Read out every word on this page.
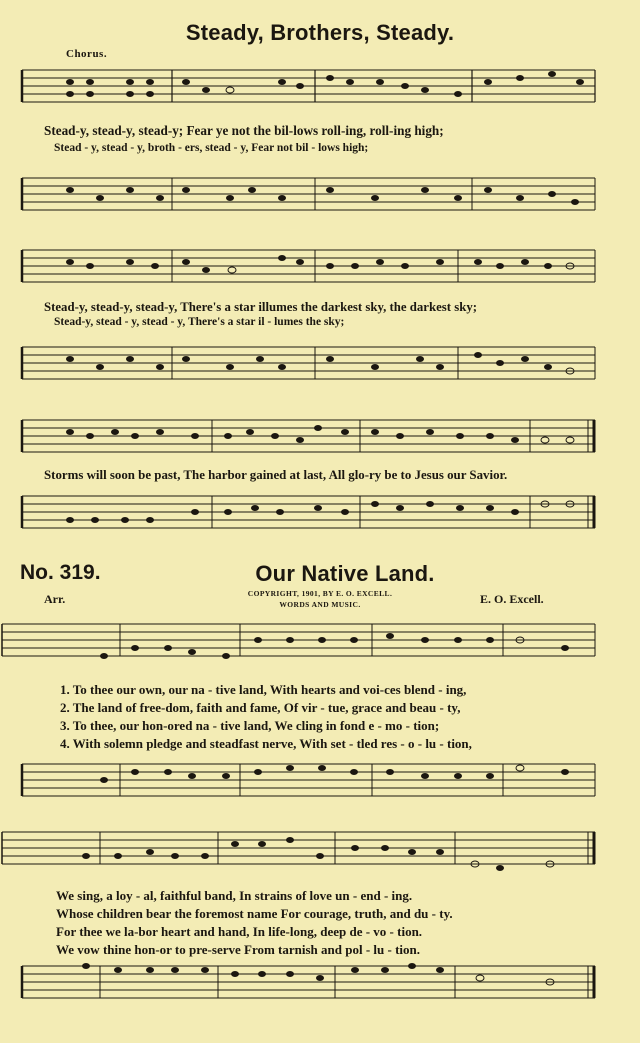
Steady, Brothers, Steady.
Chorus.
Stead-y, stead-y, stead-y; Fear ye not the bil-lows roll-ing, roll-ing high;
Stead - y, stead - y, broth - ers, stead - y, Fear not bil - lows high;
Stead-y, stead-y, stead-y, There's a star illumes the darkest sky, the darkest sky;
Stead-y, stead - y, stead - y, There's a star il - lumes the sky;
Storms will soon be past, The harbor gained at last, All glo-ry be to Jesus our Savior.
No. 319.	Our Native Land.
Arr.	COPYRIGHT, 1901, BY E. O. EXCELL.
WORDS AND MUSIC.	E. O. Excell.
1. To thee our own, our na - tive land, With hearts and voi-ces blend - ing,
2. The land of free-dom, faith and fame, Of vir - tue, grace and beau - ty,
3. To thee, our hon-ored na - tive land, We cling in fond e - mo - tion;
4. With solemn pledge and steadfast nerve, With set - tled res - o - lu - tion,
We sing, a loy - al, faithful band, In strains of love un - end - ing.
Whose children bear the foremost name For courage, truth, and du - ty.
For thee we la-bor heart and hand, In life-long, deep de - vo - tion.
We vow thine hon-or to pre-serve From tarnish and pol - lu - tion.
